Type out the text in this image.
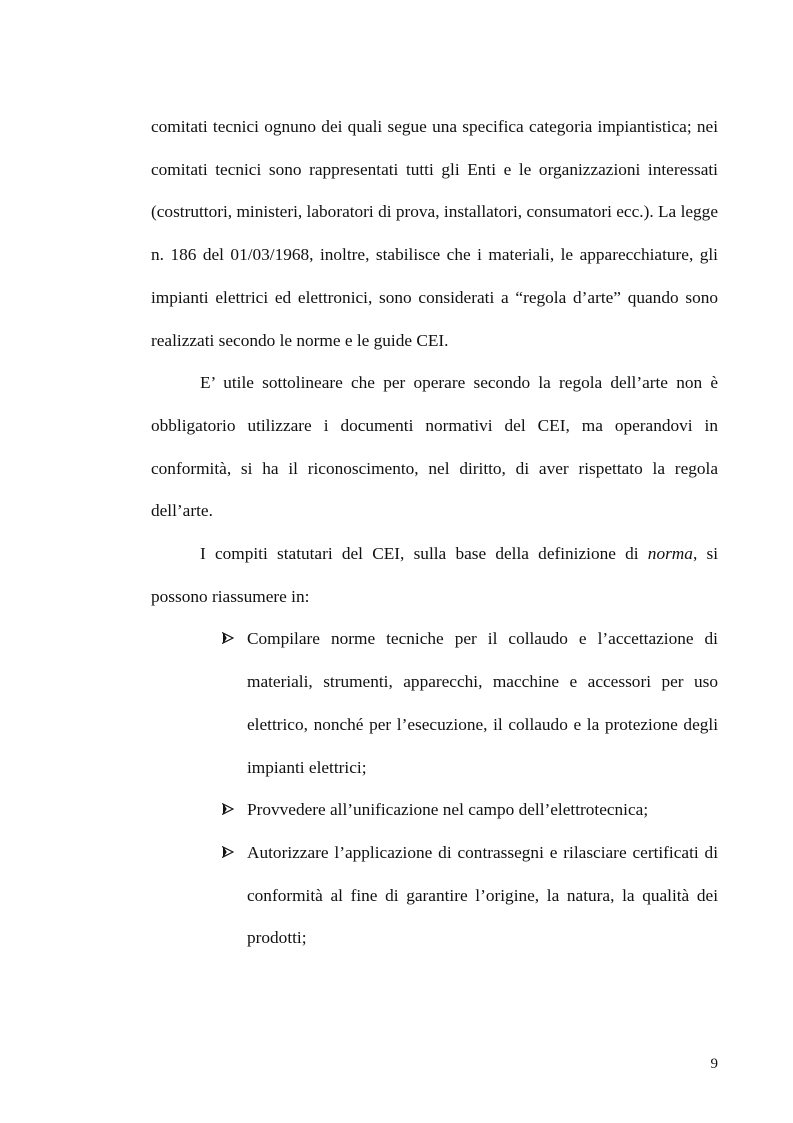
comitati tecnici ognuno dei quali segue una specifica categoria impiantistica; nei comitati tecnici sono rappresentati tutti gli Enti e le organizzazioni interessati (costruttori, ministeri, laboratori di prova, installatori, consumatori ecc.). La legge n. 186 del 01/03/1968, inoltre, stabilisce che i materiali, le apparecchiature, gli impianti elettrici ed elettronici, sono considerati a “regola d’arte” quando sono realizzati secondo le norme e le guide CEI.

E’ utile sottolineare che per operare secondo la regola dell’arte non è obbligatorio utilizzare i documenti normativi del CEI, ma operandovi in conformità, si ha il riconoscimento, nel diritto, di aver rispettato la regola dell’arte.

I compiti statutari del CEI, sulla base della definizione di norma, si possono riassumere in:

Compilare norme tecniche per il collaudo e l’accettazione di materiali, strumenti, apparecchi, macchine e accessori per uso elettrico, nonché per l’esecuzione, il collaudo e la protezione degli impianti elettrici;
Provvedere all’unificazione nel campo dell’elettrotecnica;
Autorizzare l’applicazione di contrassegni e rilasciare certificati di conformità al fine di garantire l’origine, la natura, la qualità dei prodotti;
9
